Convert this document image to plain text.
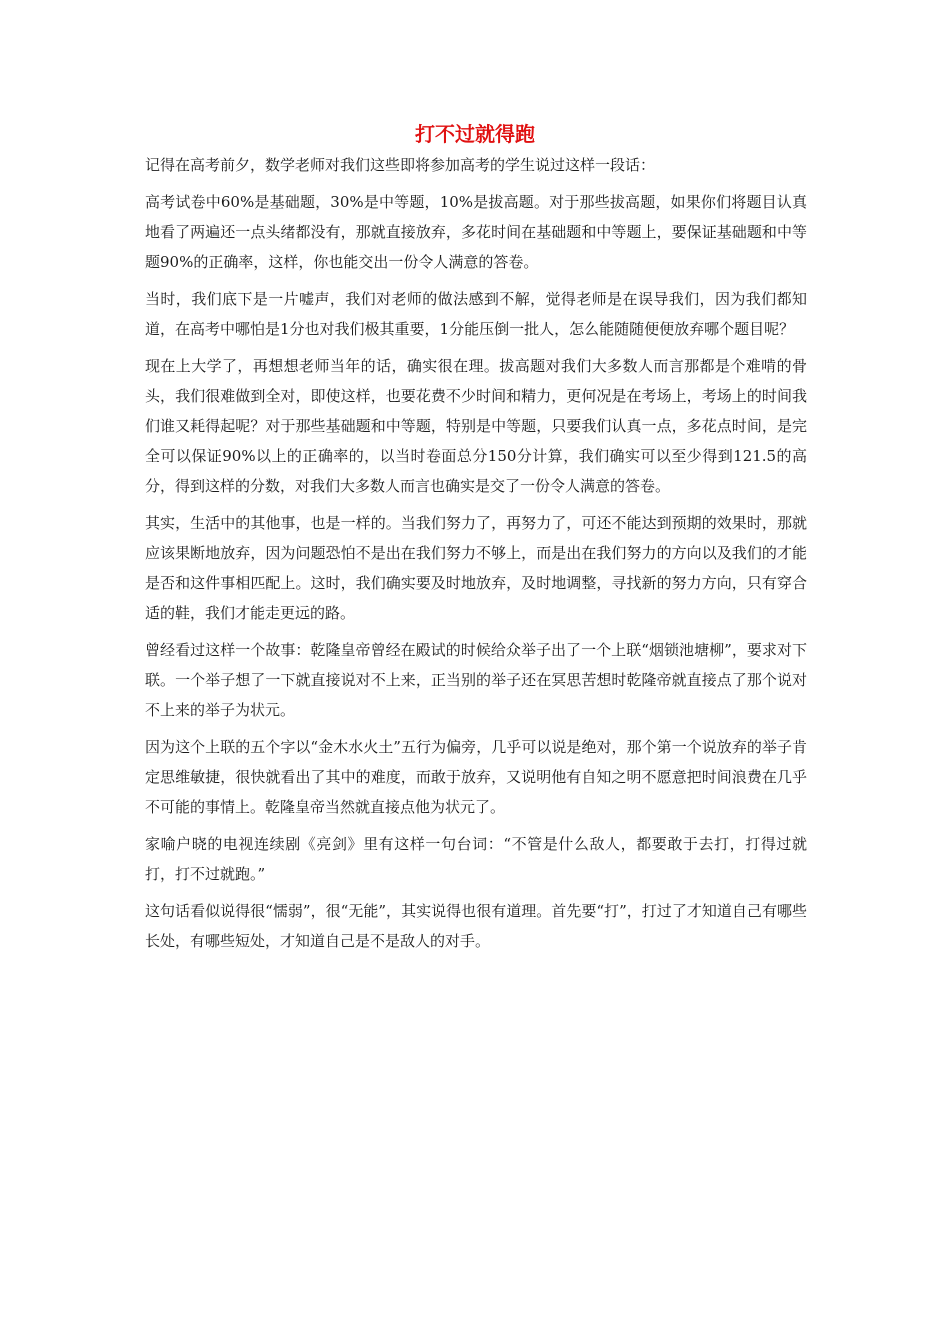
打不过就得跑

记得在高考前夕，数学老师对我们这些即将参加高考的学生说过这样一段话：

高考试卷中60%是基础题，30%是中等题，10%是拔高题。对于那些拔高题，如果你们将题目认真地看了两遍还一点头绪都没有，那就直接放弃，多花时间在基础题和中等题上，要保证基础题和中等题90%的正确率，这样，你也能交出一份令人满意的答卷。

当时，我们底下是一片嘘声，我们对老师的做法感到不解，觉得老师是在误导我们，因为我们都知道，在高考中哪怕是1分也对我们极其重要，1分能压倒一批人，怎么能随随便便放弃哪个题目呢？

现在上大学了，再想想老师当年的话，确实很在理。拔高题对我们大多数人而言那都是个难啃的骨头，我们很难做到全对，即使这样，也要花费不少时间和精力，更何况是在考场上，考场上的时间我们谁又耗得起呢？对于那些基础题和中等题，特别是中等题，只要我们认真一点，多花点时间，是完全可以保证90%以上的正确率的，以当时卷面总分150分计算，我们确实可以至少得到121.5的高分，得到这样的分数，对我们大多数人而言也确实是交了一份令人满意的答卷。

其实，生活中的其他事，也是一样的。当我们努力了，再努力了，可还不能达到预期的效果时，那就应该果断地放弃，因为问题恐怕不是出在我们努力不够上，而是出在我们努力的方向以及我们的才能是否和这件事相匹配上。这时，我们确实要及时地放弃，及时地调整，寻找新的努力方向，只有穿合适的鞋，我们才能走更远的路。

曾经看过这样一个故事：乾隆皇帝曾经在殿试的时候给众举子出了一个上联“烟锁池塘柳”，要求对下联。一个举子想了一下就直接说对不上来，正当别的举子还在冥思苦想时乾隆帝就直接点了那个说对不上来的举子为状元。

因为这个上联的五个字以“金木水火土”五行为偏旁，几乎可以说是绝对，那个第一个说放弃的举子肯定思维敏捷，很快就看出了其中的难度，而敢于放弃，又说明他有自知之明不愿意把时间浪费在几乎不可能的事情上。乾隆皇帝当然就直接点他为状元了。

家喻户晓的电视连续剧《亮剑》里有这样一句台词：“不管是什么敌人，都要敢于去打，打得过就打，打不过就跑。”

这句话看似说得很“懦弱”，很“无能”，其实说得也很有道理。首先要“打”，打过了才知道自己有哪些长处，有哪些短处，才知道自己是不是敌人的对手。
